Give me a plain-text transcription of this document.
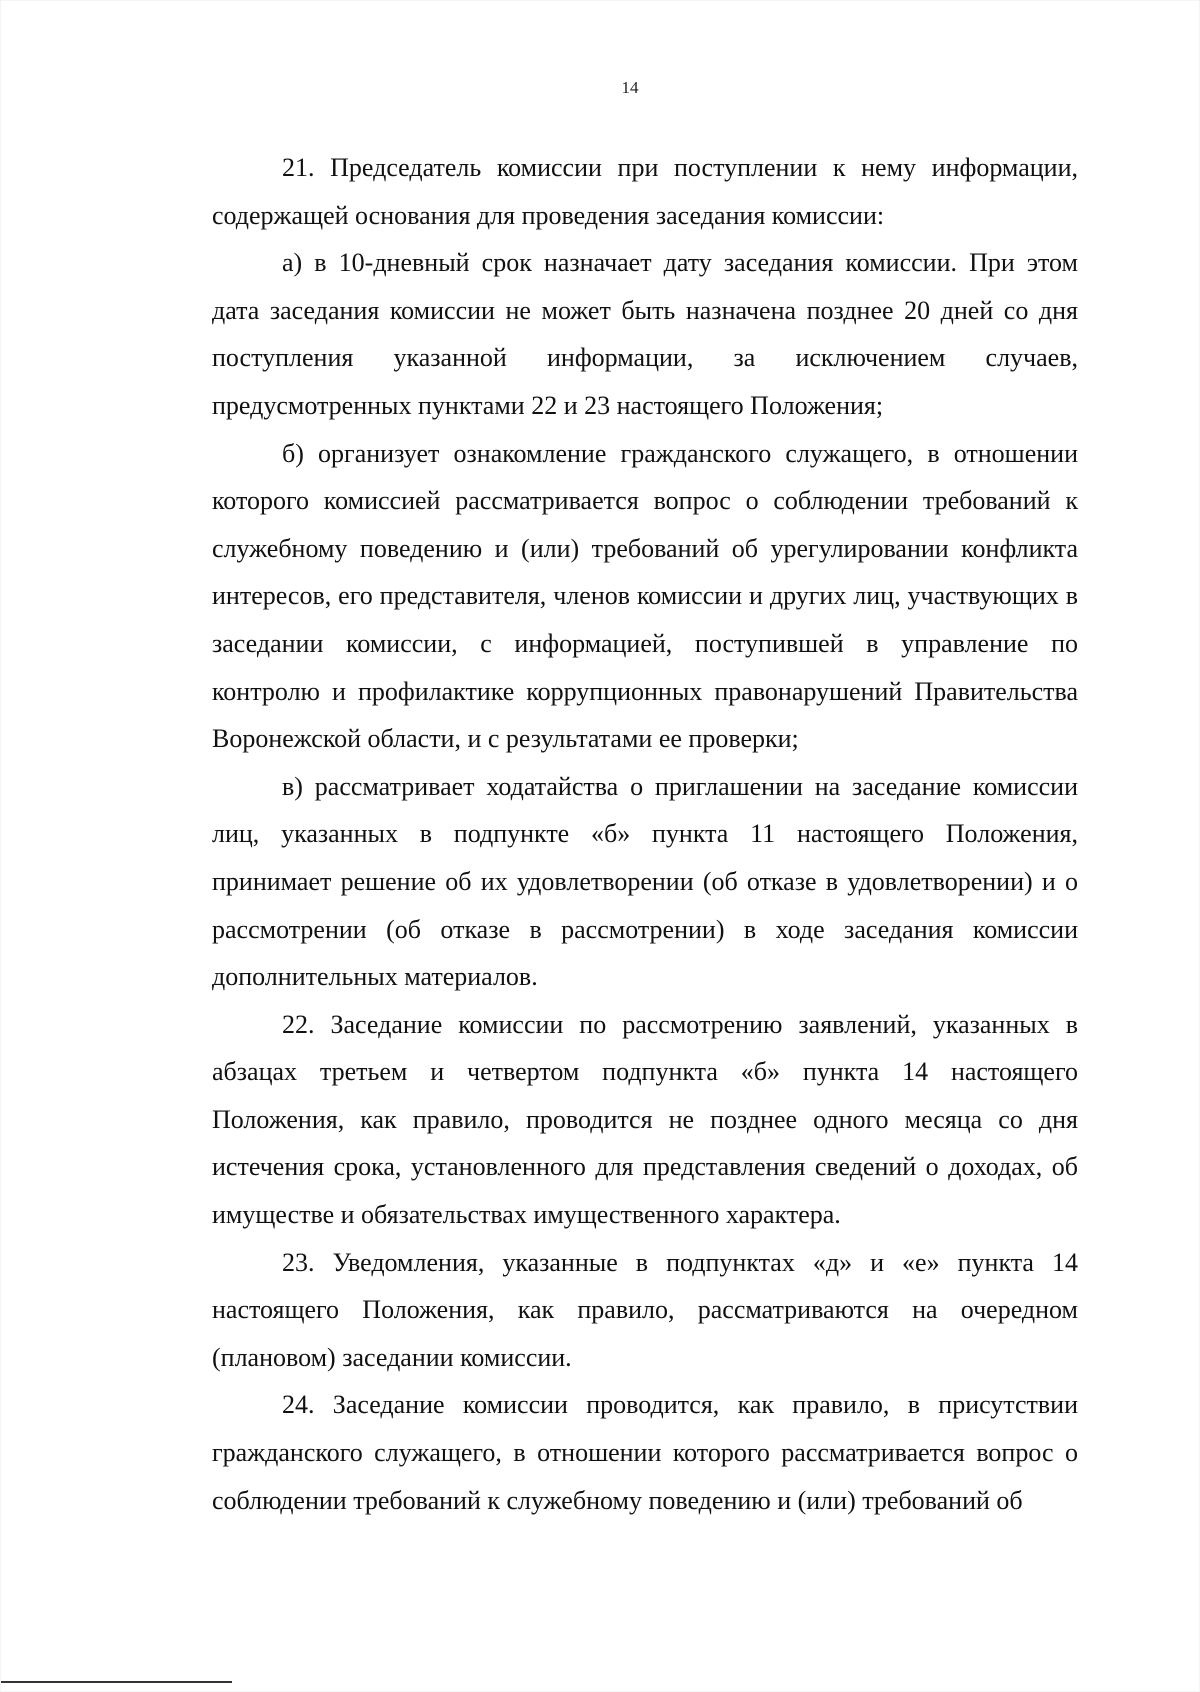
14

21. Председатель комиссии при поступлении к нему информации, содержащей основания для проведения заседания комиссии:

а) в 10-дневный срок назначает дату заседания комиссии. При этом дата заседания комиссии не может быть назначена позднее 20 дней со дня поступления указанной информации, за исключением случаев, предусмотренных пунктами 22 и 23 настоящего Положения;

б) организует ознакомление гражданского служащего, в отношении которого комиссией рассматривается вопрос о соблюдении требований к служебному поведению и (или) требований об урегулировании конфликта интересов, его представителя, членов комиссии и других лиц, участвующих в заседании комиссии, с информацией, поступившей в управление по контролю и профилактике коррупционных правонарушений Правительства Воронежской области, и с результатами ее проверки;

в) рассматривает ходатайства о приглашении на заседание комиссии лиц, указанных в подпункте «б» пункта 11 настоящего Положения, принимает решение об их удовлетворении (об отказе в удовлетворении) и о рассмотрении (об отказе в рассмотрении) в ходе заседания комиссии дополнительных материалов.

22. Заседание комиссии по рассмотрению заявлений, указанных в абзацах третьем и четвертом подпункта «б» пункта 14 настоящего Положения, как правило, проводится не позднее одного месяца со дня истечения срока, установленного для представления сведений о доходах, об имуществе и обязательствах имущественного характера.

23. Уведомления, указанные в подпунктах «д» и «е» пункта 14 настоящего Положения, как правило, рассматриваются на очередном (плановом) заседании комиссии.

24. Заседание комиссии проводится, как правило, в присутствии гражданского служащего, в отношении которого рассматривается вопрос о соблюдении требований к служебному поведению и (или) требований об
